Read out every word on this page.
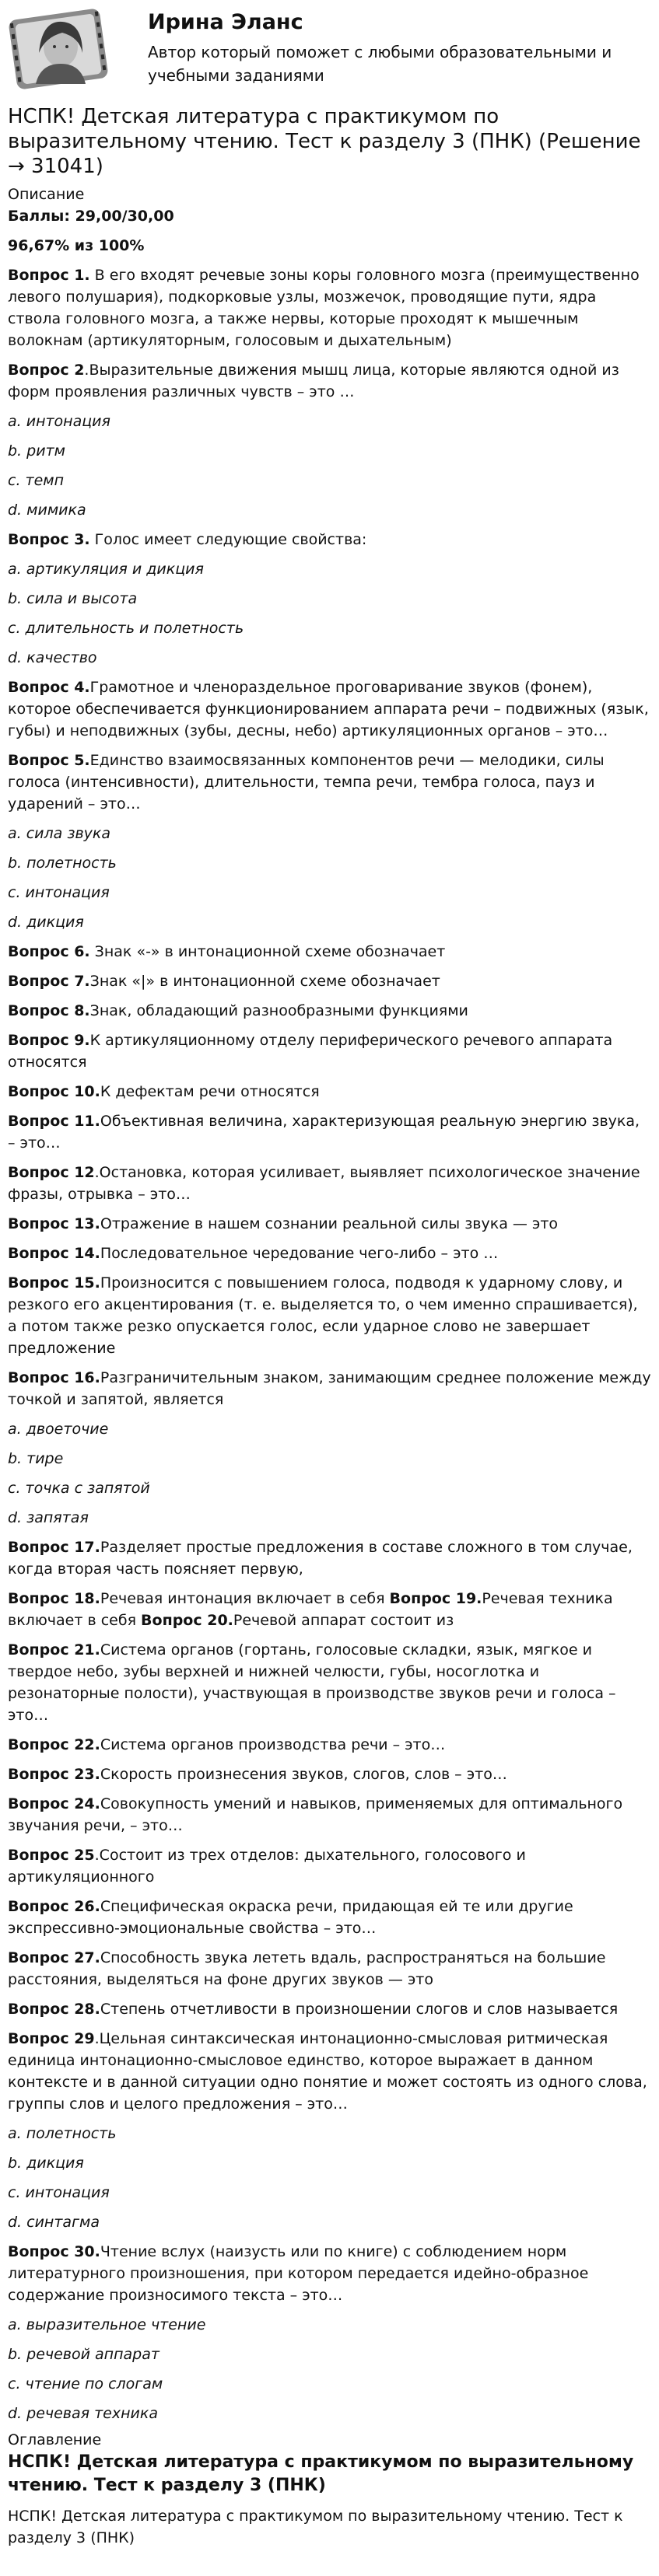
Ирина Эланс
Автор который поможет с любыми образовательными и учебными заданиями
НСПК! Детская литература с практикумом по выразительному чтению. Тест к разделу 3 (ПНК) (Решение → 31041)
Описание
Баллы: 29,00/30,00
96,67% из 100%
Вопрос 1. В его входят речевые зоны коры головного мозга (преимущественно левого полушария), подкорковые узлы, мозжечок, проводящие пути, ядра ствола головного мозга, а также нервы, которые проходят к мышечным волокнам (артикуляторным, голосовым и дыхательным)
Вопрос 2.Выразительные движения мышц лица, которые являются одной из форм проявления различных чувств – это …
a. интонация
b. ритм
c. темп
d. мимика
Вопрос 3. Голос имеет следующие свойства:
a. артикуляция и дикция
b. сила и высота
c. длительность и полетность
d. качество
Вопрос 4.Грамотное и членораздельное проговаривание звуков (фонем), которое обеспечивается функционированием аппарата речи – подвижных (язык, губы) и неподвижных (зубы, десны, небо) артикуляционных органов – это…
Вопрос 5.Единство взаимосвязанных компонентов речи — мелодики, силы голоса (интенсивности), длительности, темпа речи, тембра голоса, пауз и ударений – это…
a. сила звука
b. полетность
c. интонация
d. дикция
Вопрос 6. Знак «-» в интонационной схеме обозначает
Вопрос 7.Знак «|» в интонационной схеме обозначает
Вопрос 8.Знак, обладающий разнообразными функциями
Вопрос 9.К артикуляционному отделу периферического речевого аппарата относятся
Вопрос 10.К дефектам речи относятся
Вопрос 11.Объективная величина, характеризующая реальную энергию звука, – это…
Вопрос 12.Остановка, которая усиливает, выявляет психологическое значение фразы, отрывка – это…
Вопрос 13.Отражение в нашем сознании реальной силы звука — это
Вопрос 14.Последовательное чередование чего-либо – это …
Вопрос 15.Произносится с повышением голоса, подводя к ударному слову, и резкого его акцентирования (т. е. выделяется то, о чем именно спрашивается), а потом также резко опускается голос, если ударное слово не завершает предложение
Вопрос 16.Разграничительным знаком, занимающим среднее положение между точкой и запятой, является
a. двоеточие
b. тире
c. точка с запятой
d. запятая
Вопрос 17.Разделяет простые предложения в составе сложного в том случае, когда вторая часть поясняет первую,
Вопрос 18.Речевая интонация включает в себя Вопрос 19.Речевая техника включает в себя Вопрос 20.Речевой аппарат состоит из
Вопрос 21.Система органов (гортань, голосовые складки, язык, мягкое и твердое небо, зубы верхней и нижней челюсти, губы, носоглотка и резонаторные полости), участвующая в производстве звуков речи и голоса – это…
Вопрос 22.Система органов производства речи – это…
Вопрос 23.Скорость произнесения звуков, слогов, слов – это…
Вопрос 24.Совокупность умений и навыков, применяемых для оптимального звучания речи, – это…
Вопрос 25.Состоит из трех отделов: дыхательного, голосового и артикуляционного
Вопрос 26.Специфическая окраска речи, придающая ей те или другие экспрессивно-эмоциональные свойства – это…
Вопрос 27.Способность звука лететь вдаль, распространяться на большие расстояния, выделяться на фоне других звуков — это
Вопрос 28.Степень отчетливости в произношении слогов и слов называется
Вопрос 29.Цельная синтаксическая интонационно-смысловая ритмическая единица интонационно-смысловое единство, которое выражает в данном контексте и в данной ситуации одно понятие и может состоять из одного слова, группы слов и целого предложения – это…
a. полетность
b. дикция
c. интонация
d. синтагма
Вопрос 30.Чтение вслух (наизусть или по книге) с соблюдением норм литературного произношения, при котором передается идейно-образное содержание произносимого текста – это…
a. выразительное чтение
b. речевой аппарат
c. чтение по слогам
d. речевая техника
Оглавление
НСПК! Детская литература с практикумом по выразительному чтению. Тест к разделу 3 (ПНК)
НСПК! Детская литература с практикумом по выразительному чтению. Тест к разделу 3 (ПНК)
